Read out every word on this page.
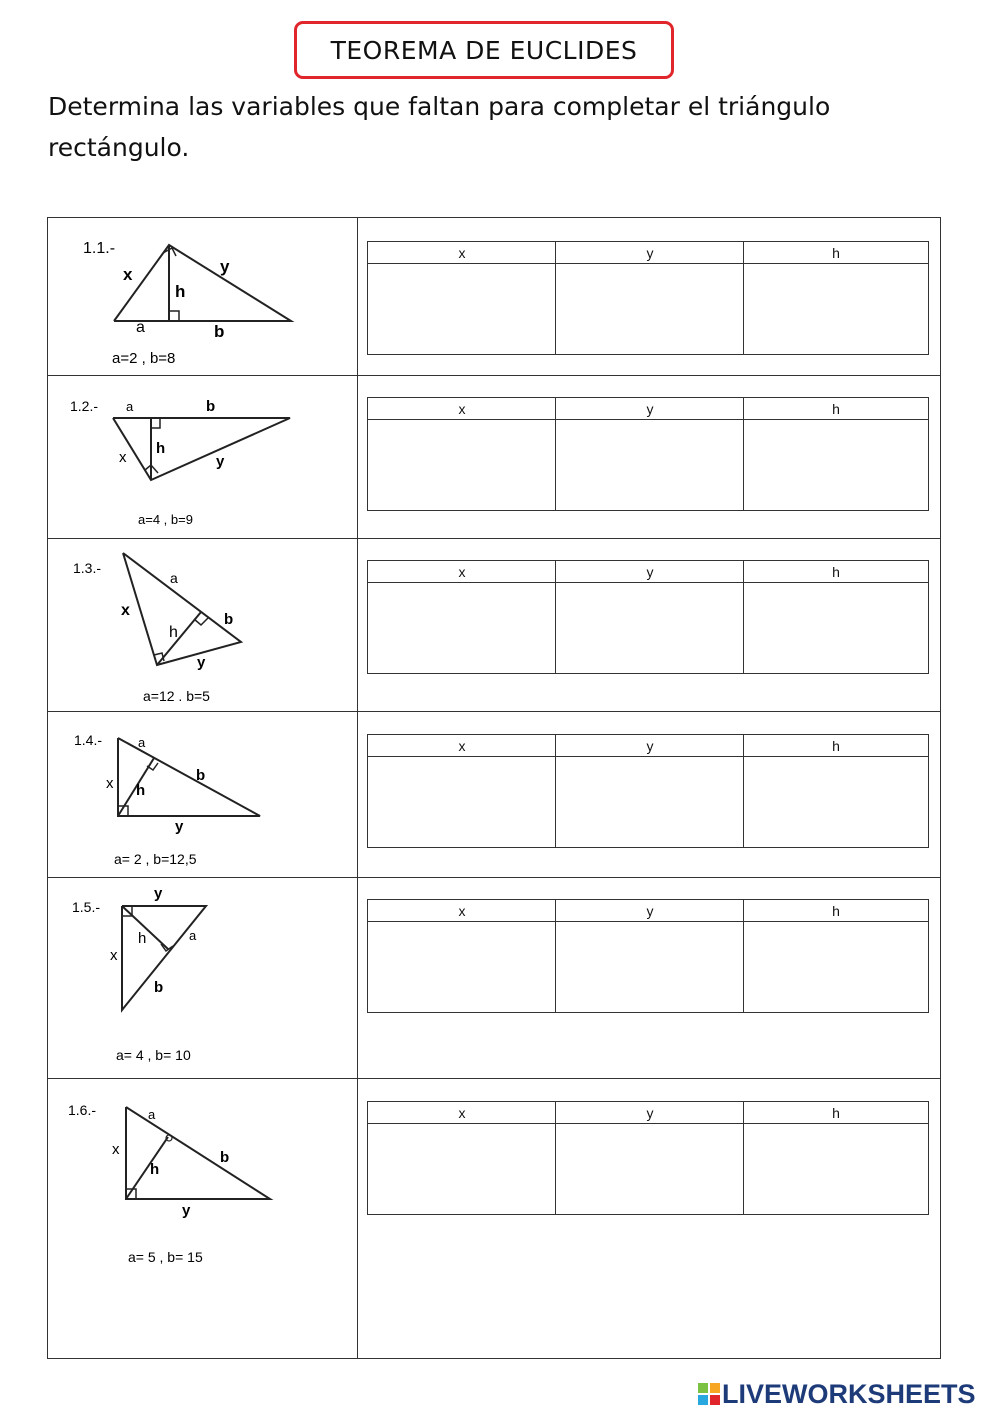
TEOREMA DE EUCLIDES
Determina las variables que faltan para completar el triángulo rectángulo.
1.1.-
x	y
h
a	b
a=2 , b=8
x	y	h
1.2.- a	b
h
x	y
a=4 , b=9
x	y	h
1.3.-
a
x
b
h
y
a=12 . b=5
x	y	h
1.4.-	a
x	b
h
y
a= 2 , b=12,5
x	y	h
1.5.-
y
h	a
x
b
a= 4 , b= 10
x	y	h
1.6.-	a
x	b
h
y
a= 5 , b= 15
x	y	h
LIVEWORKSHEETS
